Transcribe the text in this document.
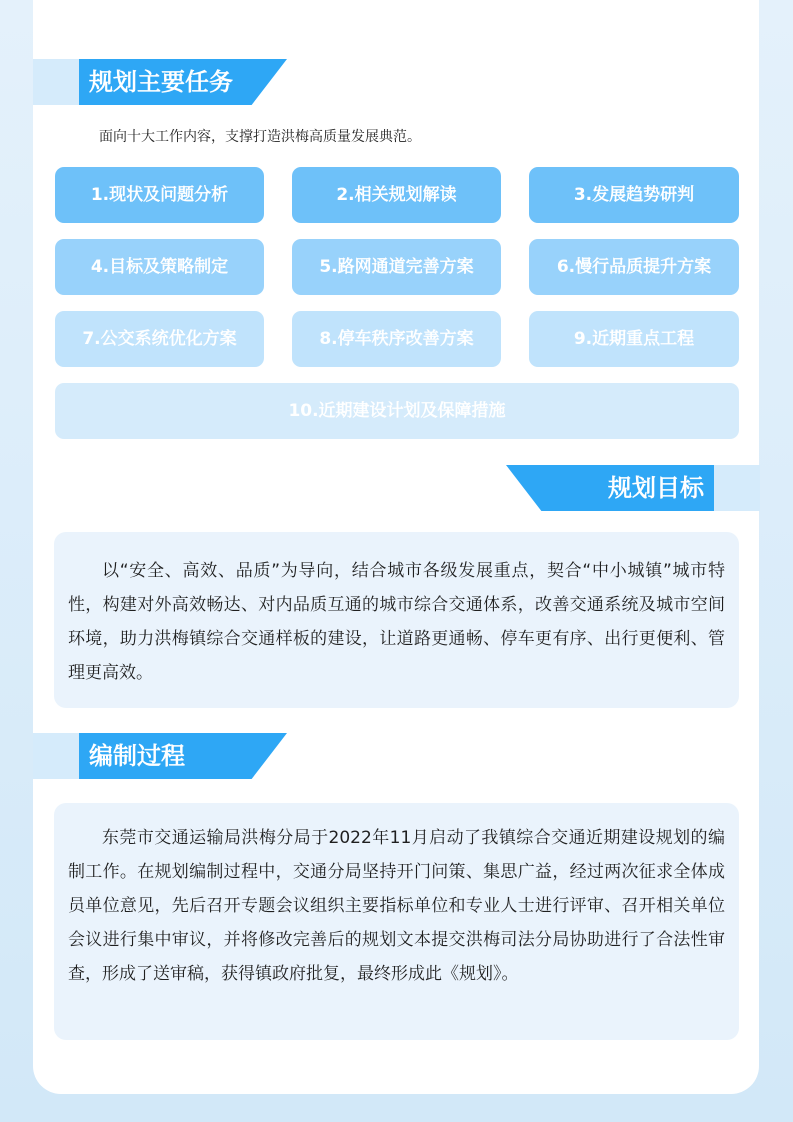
规划主要任务
面向十大工作内容，支撑打造洪梅高质量发展典范。
1.现状及问题分析	2.相关规划解读	3.发展趋势研判
4.目标及策略制定	5.路网通道完善方案	6.慢行品质提升方案
7.公交系统优化方案	8.停车秩序改善方案	9.近期重点工程
10.近期建设计划及保障措施
规划目标
以“安全、高效、品质”为导向，结合城市各级发展重点，契合“中小城镇”城市特性，构建对外高效畅达、对内品质互通的城市综合交通体系，改善交通系统及城市空间环境，助力洪梅镇综合交通样板的建设，让道路更通畅、停车更有序、出行更便利、管理更高效。
编制过程
东莞市交通运输局洪梅分局于2022年11月启动了我镇综合交通近期建设规划的编制工作。在规划编制过程中，交通分局坚持开门问策、集思广益，经过两次征求全体成员单位意见，先后召开专题会议组织主要指标单位和专业人士进行评审、召开相关单位会议进行集中审议，并将修改完善后的规划文本提交洪梅司法分局协助进行了合法性审查，形成了送审稿，获得镇政府批复，最终形成此《规划》。
